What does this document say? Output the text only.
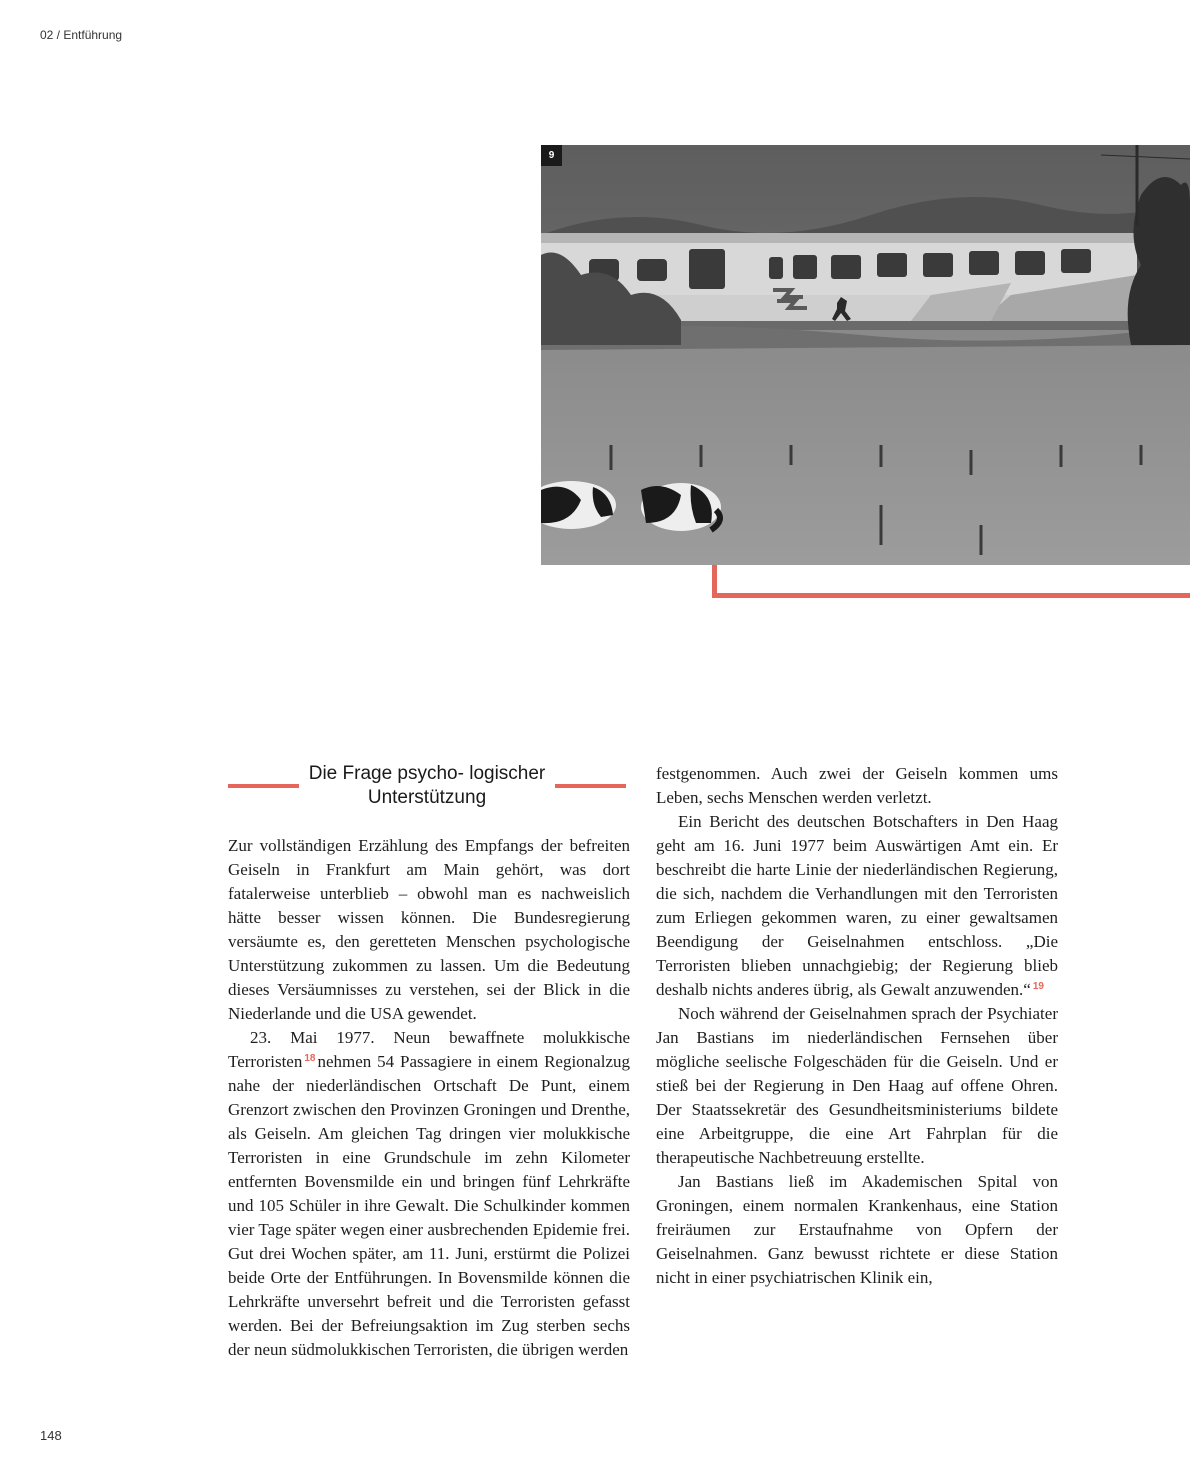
02 / Entführung
9
Die Frage psycho- logischer Unterstützung

Zur vollständigen Erzählung des Empfangs der befreiten Geiseln in Frankfurt am Main gehört, was dort fatalerweise unterblieb – obwohl man es nachweislich hätte besser wissen können. Die Bundesregierung versäumte es, den geretteten Menschen psychologische Unterstützung zukommen zu lassen. Um die Bedeutung dieses Versäumnisses zu verstehen, sei der Blick in die Niederlande und die USA gewendet.

23. Mai 1977. Neun bewaffnete molukkische Terroristen $^{18}$ nehmen 54 Passagiere in einem Regionalzug nahe der niederländischen Ortschaft De Punt, einem Grenzort zwischen den Provinzen Groningen und Drenthe, als Geiseln. Am gleichen Tag dringen vier molukkische Terroristen in eine Grundschule im zehn Kilometer entfernten Bovensmilde ein und bringen fünf Lehrkräfte und 105 Schüler in ihre Gewalt. Die Schulkinder kommen vier Tage später wegen einer ausbrechenden Epidemie frei. Gut drei Wochen später, am 11. Juni, erstürmt die Polizei beide Orte der Entführungen. In Bovensmilde können die Lehrkräfte unversehrt befreit und die Terroristen gefasst werden. Bei der Befreiungsaktion im Zug sterben sechs der neun südmolukkischen Terroristen, die übrigen werden

festgenommen. Auch zwei der Geiseln kommen ums Leben, sechs Menschen werden verletzt.

Ein Bericht des deutschen Botschafters in Den Haag geht am 16. Juni 1977 beim Auswärtigen Amt ein. Er beschreibt die harte Linie der niederländischen Regierung, die sich, nachdem die Verhandlungen mit den Terroristen zum Erliegen gekommen waren, zu einer gewaltsamen Beendigung der Geiselnahmen entschloss. „Die Terroristen blieben unnachgiebig; der Regierung blieb deshalb nichts anderes übrig, als Gewalt anzuwenden.“ $^{19}$

Noch während der Geiselnahmen sprach der Psychiater Jan Bastians im niederländischen Fernsehen über mögliche seelische Folgeschäden für die Geiseln. Und er stieß bei der Regierung in Den Haag auf offene Ohren. Der Staatssekretär des Gesundheitsministeriums bildete eine Arbeitgruppe, die eine Art Fahrplan für die therapeutische Nachbetreuung erstellte.

Jan Bastians ließ im Akademischen Spital von Groningen, einem normalen Krankenhaus, eine Station freiräumen zur Erstaufnahme von Opfern der Geiselnahmen. Ganz bewusst richtete er diese Station nicht in einer psychiatrischen Klinik ein,

148
